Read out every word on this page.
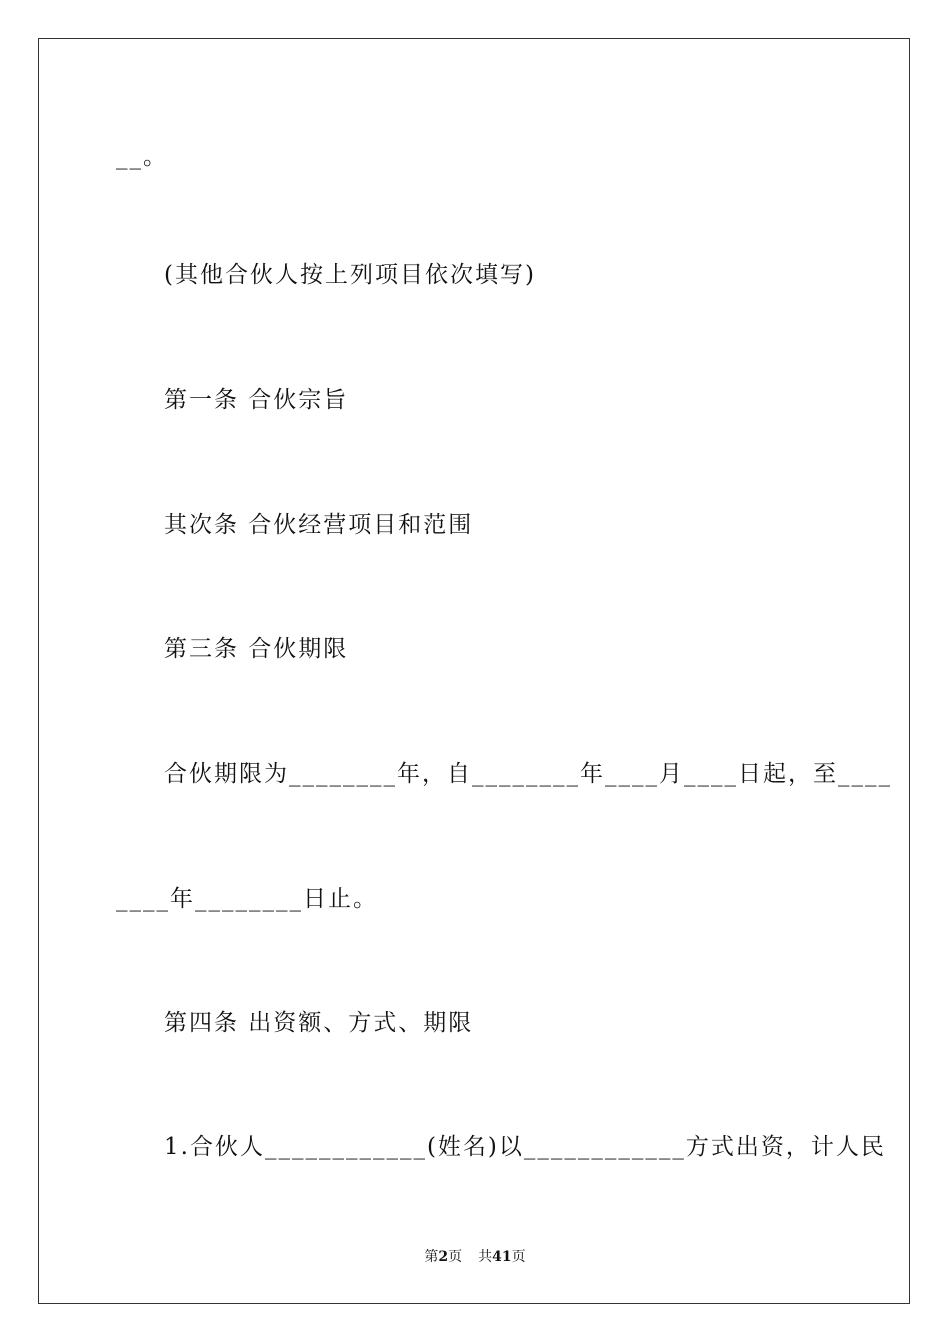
__。
(其他合伙人按上列项目依次填写)
第一条 合伙宗旨
其次条 合伙经营项目和范围
第三条 合伙期限
合伙期限为________年，自________年____月____日起，至____
____年________日止。
第四条 出资额、方式、期限
1.合伙人____________(姓名)以____________方式出资，计人民
第2页 共41页
